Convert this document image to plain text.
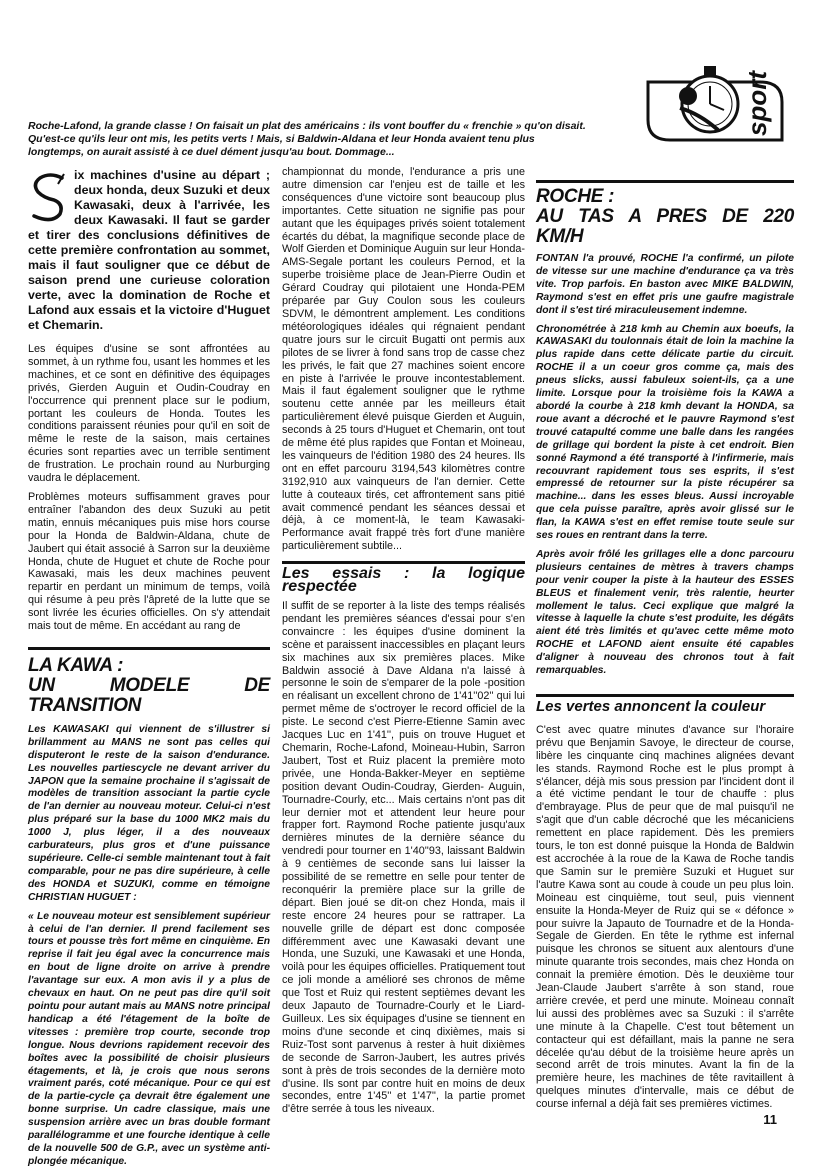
sport
Roche-Lafond, la grande classe ! On faisait un plat des américains : ils vont bouffer du « frenchie » qu'on disait. Qu'est-ce qu'ils leur ont mis, les petits verts ! Mais, si Baldwin-Aldana et leur Honda avaient tenu plus longtemps, on aurait assisté à ce duel dément jusqu'au bout. Dommage...
ix machines d'usine au départ ; deux honda, deux Suzuki et deux Kawasaki, deux à l'arrivée, les deux Kawasaki. Il faut se garder et tirer des conclusions définitives de cette première confrontation au sommet, mais il faut souligner que ce début de saison prend une curieuse coloration verte, avec la domination de Roche et Lafond aux essais et la victoire d'Huguet et Chemarin.

Les équipes d'usine se sont affrontées au sommet, à un rythme fou, usant les hommes et les machines, et ce sont en définitive des équipages privés, Gierden Auguin et Oudin-Coudray en l'occurrence qui prennent place sur le podium, portant les couleurs de Honda. Toutes les conditions paraissent réunies pour qu'il en soit de même le reste de la saison, mais certaines écuries sont reparties avec un terrible sentiment de frustration. Le prochain round au Nurburging vaudra le déplacement.

Problèmes moteurs suffisamment graves pour entraîner l'abandon des deux Suzuki au petit matin, ennuis mécaniques puis mise hors course pour la Honda de Baldwin-Aldana, chute de Jaubert qui était associé à Sarron sur la deuxième Honda, chute de Huguet et chute de Roche pour Kawasaki, mais les deux machines peuvent repartir en perdant un minimum de temps, voilà qui résume à peu près l'âpreté de la lutte que se sont livrée les écuries officielles. On s'y attendait mais tout de même. En accédant au rang de

LA KAWA :
UN MODELE DE TRANSITION

Les KAWASAKI qui viennent de s'illustrer si brillamment au MANS ne sont pas celles qui disputeront le reste de la saison d'endurance. Les nouvelles partiescycle ne devant arriver du JAPON que la semaine prochaine il s'agissait de modèles de transition associant la partie cycle de l'an dernier au nouveau moteur. Celui-ci n'est plus préparé sur la base du 1000 MK2 mais du 1000 J, plus léger, il a des nouveaux carburateurs, plus gros et d'une puissance supérieure. Celle-ci semble maintenant tout à fait comparable, pour ne pas dire supérieure, à celle des HONDA et SUZUKI, comme en témoigne CHRISTIAN HUGUET :

« Le nouveau moteur est sensiblement supérieur à celui de l'an dernier. Il prend facilement ses tours et pousse très fort même en cinquième. En reprise il fait jeu égal avec la concurrence mais en bout de ligne droite on arrive à prendre l'avantage sur eux. A mon avis il y a plus de chevaux en haut. On ne peut pas dire qu'il soit pointu pour autant mais au MANS notre principal handicap a été l'étagement de la boîte de vitesses : première trop courte, seconde trop longue. Nous devrions rapidement recevoir des boîtes avec la possibilité de choisir plusieurs étagements, et là, je crois que nous serons vraiment parés, coté mécanique. Pour ce qui est de la partie-cycle ça devrait être également une bonne surprise. Un cadre classique, mais une suspension arrière avec un bras double formant parallélogramme et une fourche identique à celle de la nouvelle 500 de G.P., avec un système anti-plongée mécanique.

championnat du monde, l'endurance a pris une autre dimension car l'enjeu est de taille et les conséquences d'une victoire sont beaucoup plus importantes. Cette situation ne signifie pas pour autant que les équipages privés soient totalement écartés du débat, la magnifique seconde place de Wolf Gierden et Dominique Auguin sur leur Honda-AMS-Segale portant les couleurs Pernod, et la superbe troisième place de Jean-Pierre Oudin et Gérard Coudray qui pilotaient une Honda-PEM préparée par Guy Coulon sous les couleurs SDVM, le démontrent amplement. Les conditions météorologiques idéales qui régnaient pendant quatre jours sur le circuit Bugatti ont permis aux pilotes de se livrer à fond sans trop de casse chez les privés, le fait que 27 machines soient encore en piste à l'arrivée le prouve incontestablement. Mais il faut également souligner que le rythme soutenu cette année par les meilleurs était particulièrement élevé puisque Gierden et Auguin, seconds à 25 tours d'Huguet et Chemarin, ont tout de même été plus rapides que Fontan et Moineau, les vainqueurs de l'édition 1980 des 24 heures. Ils ont en effet parcouru 3194,543 kilomètres contre 3192,910 aux vainqueurs de l'an dernier. Cette lutte à couteaux tirés, cet affrontement sans pitié avait commencé pendant les séances dessai et déjà, à ce moment-là, le team Kawasaki-Performance avait frappé très fort d'une manière particulièrement subtile...

Les essais : la logique respectée

Il suffit de se reporter à la liste des temps réalisés pendant les premières séances d'essai pour s'en convaincre : les équipes d'usine dominent la scène et paraissent inaccessibles en plaçant leurs six machines aux six premières places. Mike Baldwin associé à Dave Aldana n'a laissé à personne le soin de s'emparer de la pole -position en réalisant un excellent chrono de 1'41''02'' qui lui permet même de s'octroyer le record officiel de la piste. Le second c'est Pierre-Etienne Samin avec Jacques Luc en 1'41'', puis on trouve Huguet et Chemarin, Roche-Lafond, Moineau-Hubin, Sarron Jaubert, Tost et Ruiz placent la première moto privée, une Honda-Bakker-Meyer en septième position devant Oudin-Coudray, Gierden- Auguin, Tournadre-Courly, etc... Mais certains n'ont pas dit leur dernier mot et attendent leur heure pour frapper fort. Raymond Roche patiente jusqu'aux dernières minutes de la dernière séance du vendredi pour tourner en 1'40''93, laissant Baldwin à 9 centièmes de seconde sans lui laisser la possibilité de se remettre en selle pour tenter de reconquérir la première place sur la grille de départ. Bien joué se dit-on chez Honda, mais il reste encore 24 heures pour se rattraper. La nouvelle grille de départ est donc composée différemment avec une Kawasaki devant une Honda, une Suzuki, une Kawasaki et une Honda, voilà pour les équipes officielles. Pratiquement tout ce joli monde a amélioré ses chronos de même que Tost et Ruiz qui restent septièmes devant les deux Japauto de Tournadre-Courly et le Liard-Guilleux. Les six équipages d'usine se tiennent en moins d'une seconde et cinq dixièmes, mais si Ruiz-Tost sont parvenus à rester à huit dixièmes de seconde de Sarron-Jaubert, les autres privés sont à près de trois secondes de la dernière moto d'usine. Ils sont par contre huit en moins de deux secondes, entre 1'45'' et 1'47'', la partie promet d'être serrée à tous les niveaux.

ROCHE :
AU TAS A PRES DE 220 KM/H

FONTAN l'a prouvé, ROCHE l'a confirmé, un pilote de vitesse sur une machine d'endurance ça va très vite. Trop parfois. En baston avec MIKE BALDWIN, Raymond s'est en effet pris une gaufre magistrale dont il s'est tiré miraculeusement indemne.

Chronométrée à 218 kmh au Chemin aux boeufs, la KAWASAKI du toulonnais était de loin la machine la plus rapide dans cette délicate partie du circuit. ROCHE il a un coeur gros comme ça, mais des pneus slicks, aussi fabuleux soient-ils, ça a une limite. Lorsque pour la troisième fois la KAWA a abordé la courbe à 218 kmh devant la HONDA, sa roue avant a décroché et le pauvre Raymond s'est trouvé catapulté comme une balle dans les rangées de grillage qui bordent la piste à cet endroit. Bien sonné Raymond a été transporté à l'infirmerie, mais recouvrant rapidement tous ses esprits, il s'est empressé de retourner sur la piste récupérer sa machine... dans les esses bleus. Aussi incroyable que cela puisse paraître, après avoir glissé sur le flan, la KAWA s'est en effet remise toute seule sur ses roues en rentrant dans la terre.

Après avoir frôlé les grillages elle a donc parcouru plusieurs centaines de mètres à travers champs pour venir couper la piste à la hauteur des ESSES BLEUS et finalement venir, très ralentie, heurter mollement le talus. Ceci explique que malgré la vitesse à laquelle la chute s'est produite, les dégâts aient été très limités et qu'avec cette même moto ROCHE et LAFOND aient ensuite été capables d'aligner à nouveau des chronos tout à fait remarquables.

Les vertes annoncent la couleur

C'est avec quatre minutes d'avance sur l'horaire prévu que Benjamin Savoye, le directeur de course, libère les cinquante cinq machines alignées devant les stands. Raymond Roche est le plus prompt à s'élancer, déjà mis sous pression par l'incident dont il a été victime pendant le tour de chauffe : plus d'embrayage. Plus de peur que de mal puisqu'il ne s'agit que d'un cable décroché que les mécaniciens remettent en place rapidement. Dès les premiers tours, le ton est donné puisque la Honda de Baldwin est accrochée à la roue de la Kawa de Roche tandis que Samin sur le première Suzuki et Huguet sur l'autre Kawa sont au coude à coude un peu plus loin. Moineau est cinquième, tout seul, puis viennent ensuite la Honda-Meyer de Ruiz qui se « défonce » pour suivre la Japauto de Tournadre et de la Honda-Segale de Gierden. En tête le rythme est infernal puisque les chronos se situent aux alentours d'une minute quarante trois secondes, mais chez Honda on connait la première émotion. Dès le deuxième tour Jean-Claude Jaubert s'arrête à son stand, roue arrière crevée, et perd une minute. Moineau connaît lui aussi des problèmes avec sa Suzuki : il s'arrête une minute à la Chapelle. C'est tout bêtement un contacteur qui est défaillant, mais la panne ne sera décelée qu'au début de la troisième heure après un second arrêt de trois minutes. Avant la fin de la première heure, les machines de tête ravitaillent à quelques minutes d'intervalle, mais ce début de course infernal a déjà fait ses premières victimes.

11
